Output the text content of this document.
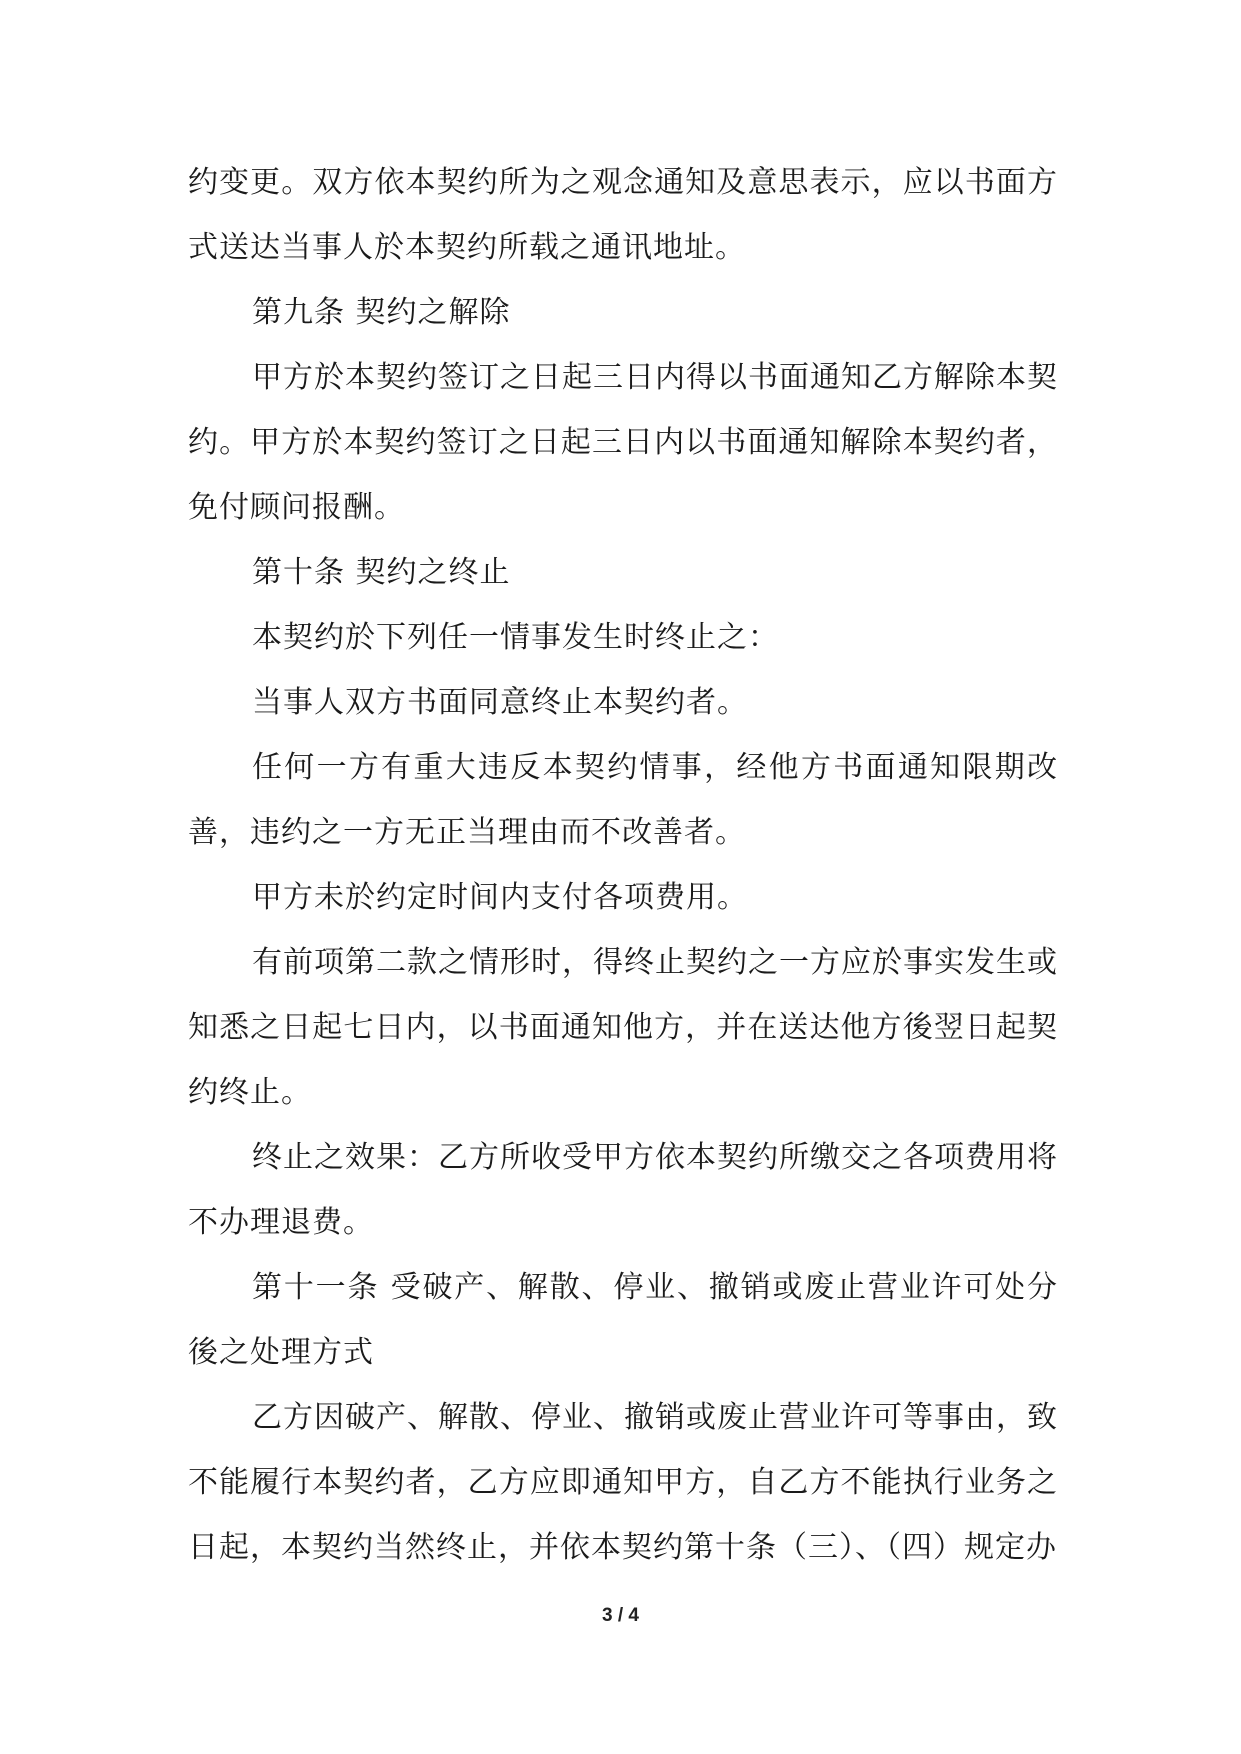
约变更。双方依本契约所为之观念通知及意思表示，应以书面方式送达当事人於本契约所载之通讯地址。

第九条 契约之解除

甲方於本契约签订之日起三日内得以书面通知乙方解除本契约。甲方於本契约签订之日起三日内以书面通知解除本契约者，免付顾问报酬。

第十条 契约之终止

本契约於下列任一情事发生时终止之：

当事人双方书面同意终止本契约者。

任何一方有重大违反本契约情事，经他方书面通知限期改善，违约之一方无正当理由而不改善者。

甲方未於约定时间内支付各项费用。

有前项第二款之情形时，得终止契约之一方应於事实发生或知悉之日起七日内，以书面通知他方，并在送达他方後翌日起契约终止。

终止之效果：乙方所收受甲方依本契约所缴交之各项费用将不办理退费。

第十一条 受破产、解散、停业、撤销或废止营业许可处分後之处理方式

乙方因破产、解散、停业、撤销或废止营业许可等事由，致不能履行本契约者，乙方应即通知甲方，自乙方不能执行业务之日起，本契约当然终止，并依本契约第十条（三）、（四）规定办

3 / 4
